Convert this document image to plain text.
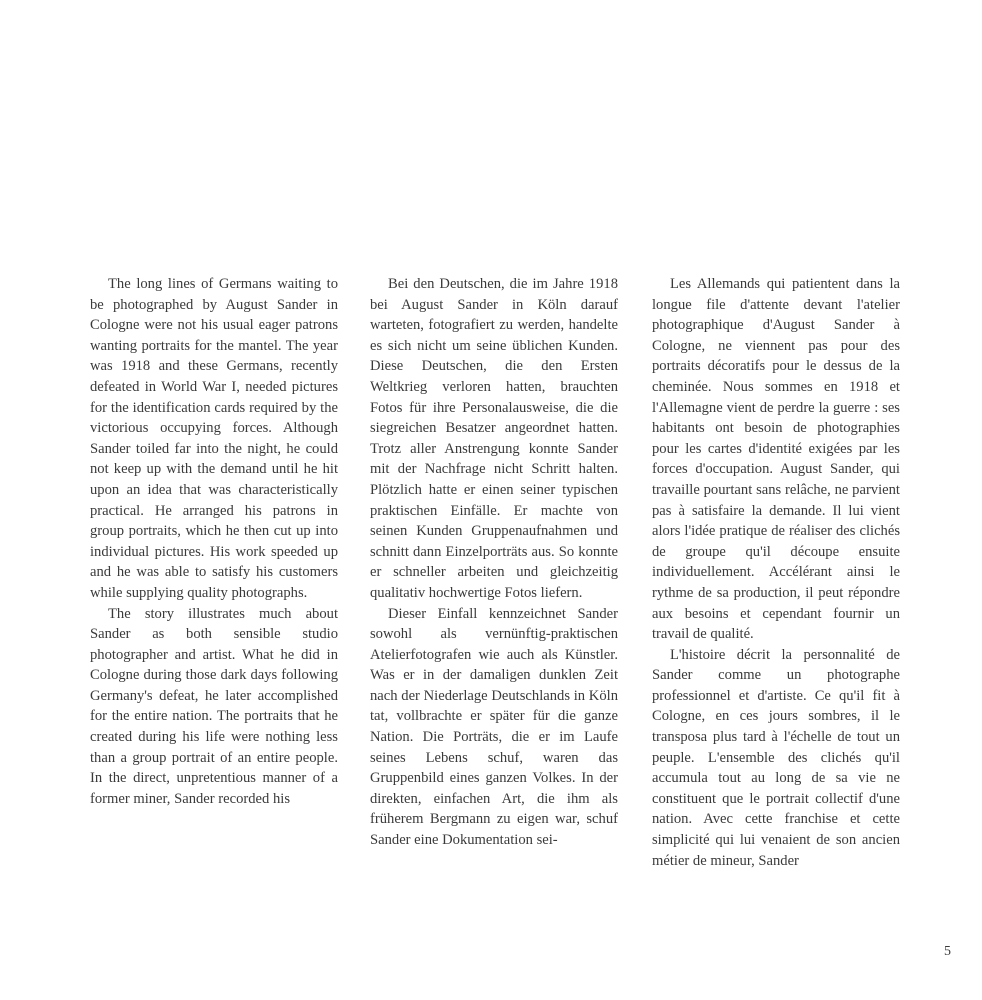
The long lines of Germans waiting to be photographed by August Sander in Cologne were not his usual eager patrons wanting portraits for the mantel. The year was 1918 and these Germans, recently defeated in World War I, needed pictures for the identification cards required by the victorious occupying forces. Although Sander toiled far into the night, he could not keep up with the demand until he hit upon an idea that was characteristically practical. He arranged his patrons in group portraits, which he then cut up into individual pictures. His work speeded up and he was able to satisfy his customers while supplying quality photographs.

The story illustrates much about Sander as both sensible studio photographer and artist. What he did in Cologne during those dark days following Germany's defeat, he later accomplished for the entire nation. The portraits that he created during his life were nothing less than a group portrait of an entire people. In the direct, unpretentious manner of a former miner, Sander recorded his

Bei den Deutschen, die im Jahre 1918 bei August Sander in Köln darauf warteten, fotografiert zu werden, handelte es sich nicht um seine üblichen Kunden. Diese Deutschen, die den Ersten Weltkrieg verloren hatten, brauchten Fotos für ihre Personalausweise, die die siegreichen Besatzer angeordnet hatten. Trotz aller Anstrengung konnte Sander mit der Nachfrage nicht Schritt halten. Plötzlich hatte er einen seiner typischen praktischen Einfälle. Er machte von seinen Kunden Gruppenaufnahmen und schnitt dann Einzelporträts aus. So konnte er schneller arbeiten und gleichzeitig qualitativ hochwertige Fotos liefern.

Dieser Einfall kennzeichnet Sander sowohl als vernünftig-praktischen Atelierfotografen wie auch als Künstler. Was er in der damaligen dunklen Zeit nach der Niederlage Deutschlands in Köln tat, vollbrachte er später für die ganze Nation. Die Porträts, die er im Laufe seines Lebens schuf, waren das Gruppenbild eines ganzen Volkes. In der direkten, einfachen Art, die ihm als früherem Bergmann zu eigen war, schuf Sander eine Dokumentation sei-

Les Allemands qui patientent dans la longue file d'attente devant l'atelier photographique d'August Sander à Cologne, ne viennent pas pour des portraits décoratifs pour le dessus de la cheminée. Nous sommes en 1918 et l'Allemagne vient de perdre la guerre : ses habitants ont besoin de photographies pour les cartes d'identité exigées par les forces d'occupation. August Sander, qui travaille pourtant sans relâche, ne parvient pas à satisfaire la demande. Il lui vient alors l'idée pratique de réaliser des clichés de groupe qu'il découpe ensuite individuellement. Accélérant ainsi le rythme de sa production, il peut répondre aux besoins et cependant fournir un travail de qualité.

L'histoire décrit la personnalité de Sander comme un photographe professionnel et d'artiste. Ce qu'il fit à Cologne, en ces jours sombres, il le transposa plus tard à l'échelle de tout un peuple. L'ensemble des clichés qu'il accumula tout au long de sa vie ne constituent que le portrait collectif d'une nation. Avec cette franchise et cette simplicité qui lui venaient de son ancien métier de mineur, Sander

5
